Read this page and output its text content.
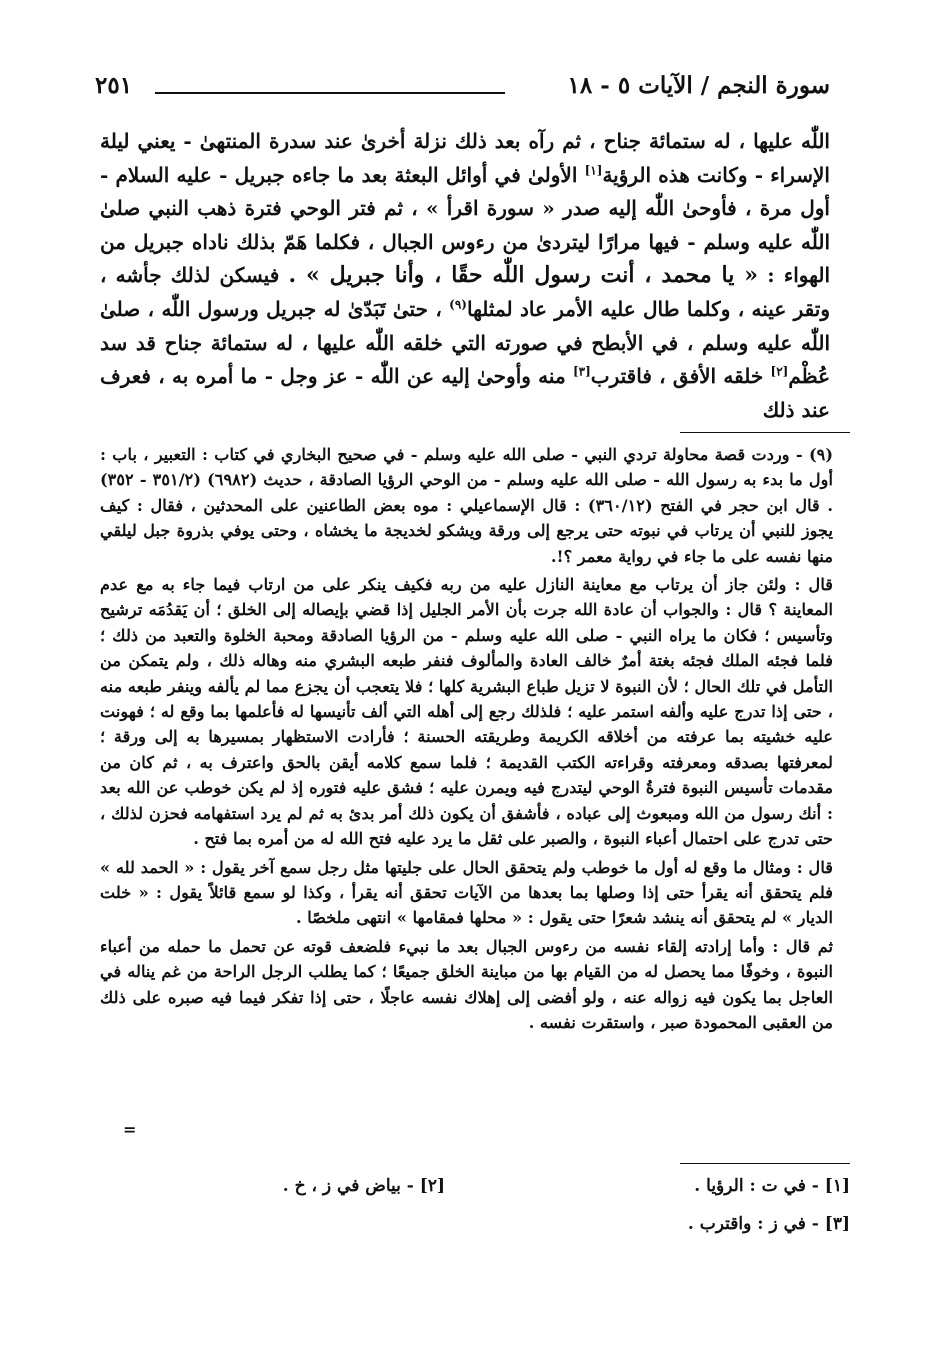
سورة النجم / الآيات ٥ - ١٨
٢٥١

اللّٰه عليها ، له ستمائة جناح ، ثم رآه بعد ذلك نزلة أخرىٰ عند سدرة المنتهىٰ - يعني ليلة الإسراء - وكانت هذه الرؤية[١] الأولىٰ في أوائل البعثة بعد ما جاءه جبريل - عليه السلام - أول مرة ، فأوحىٰ اللّٰه إليه صدر « سورة اقرأ » ، ثم فتر الوحي فترة ذهب النبي صلىٰ اللّٰه عليه وسلم - فيها مرارًا ليتردىٰ من رءوس الجبال ، فكلما هَمّ بذلك ناداه جبريل من الهواء : « يا محمد ، أنت رسول اللّٰه حقًا ، وأنا جبريل » . فيسكن لذلك جأشه ، وتقر عينه ، وكلما طال عليه الأمر عاد لمثلها$^{(٩)}$ ، حتىٰ تَبَدّىٰ له جبريل ورسول اللّٰه ، صلىٰ اللّٰه عليه وسلم ، في الأبطح في صورته التي خلقه اللّٰه عليها ، له ستمائة جناح قد سد عُظْم[٢] خلقه الأفق ، فاقترب[٣] منه وأوحىٰ إليه عن اللّٰه - عز وجل - ما أمره به ، فعرف عند ذلك

(٩) - وردت قصة محاولة تردي النبي - صلى الله عليه وسلم - في صحيح البخاري في كتاب : التعبير ، باب : أول ما بدء به رسول الله - صلى الله عليه وسلم - من الوحي الرؤيا الصادقة ، حديث (٦٩٨٢) (٣٥١/٢ - ٣٥٢) . قال ابن حجر في الفتح (٣٦٠/١٢) : قال الإسماعيلي : موه بعض الطاعنين على المحدثين ، فقال : كيف يجوز للنبي أن يرتاب في نبوته حتى يرجع إلى ورقة ويشكو لخديجة ما يخشاه ، وحتى يوفي بذروة جبل ليلقي منها نفسه على ما جاء في رواية معمر ؟!.

قال : ولئن جاز أن يرتاب مع معاينة النازل عليه من ربه فكيف ينكر على من ارتاب فيما جاء به مع عدم المعاينة ؟ قال : والجواب أن عادة الله جرت بأن الأمر الجليل إذا قضي بإيصاله إلى الخلق ؛ أن يَقدُمَه ترشيح وتأسيس ؛ فكان ما يراه النبي - صلى الله عليه وسلم - من الرؤيا الصادقة ومحبة الخلوة والتعبد من ذلك ؛ فلما فجئه الملك فجئه بغتة أمرٌ خالف العادة والمألوف فنفر طبعه البشري منه وهاله ذلك ، ولم يتمكن من التأمل في تلك الحال ؛ لأن النبوة لا تزيل طباع البشرية كلها ؛ فلا يتعجب أن يجزع مما لم يألفه وينفر طبعه منه ، حتى إذا تدرج عليه وألفه استمر عليه ؛ فلذلك رجع إلى أهله التي ألف تأنيسها له فأعلمها بما وقع له ؛ فهونت عليه خشيته بما عرفته من أخلاقه الكريمة وطريقته الحسنة ؛ فأرادت الاستظهار بمسيرها به إلى ورقة ؛ لمعرفتها بصدقه ومعرفته وقراءته الكتب القديمة ؛ فلما سمع كلامه أيقن بالحق واعترف به ، ثم كان من مقدمات تأسيس النبوة فترةُ الوحي ليتدرج فيه ويمرن عليه ؛ فشق عليه فتوره إذ لم يكن خوطب عن الله بعد : أنك رسول من الله ومبعوث إلى عباده ، فأشفق أن يكون ذلك أمر بدئ به ثم لم يرد استفهامه فحزن لذلك ، حتى تدرج على احتمال أعباء النبوة ، والصبر على ثقل ما يرد عليه فتح الله له من أمره بما فتح .

قال : ومثال ما وقع له أول ما خوطب ولم يتحقق الحال على جليتها مثل رجل سمع آخر يقول : « الحمد لله » فلم يتحقق أنه يقرأ حتى إذا وصلها بما بعدها من الآيات تحقق أنه يقرأ ، وكذا لو سمع قائلاً يقول : « خلت الديار » لم يتحقق أنه ينشد شعرًا حتى يقول : « محلها فمقامها » انتهى ملخصًا .

ثم قال : وأما إرادته إلقاء نفسه من رءوس الجبال بعد ما نبيء فلضعف قوته عن تحمل ما حمله من أعباء النبوة ، وخوفًا مما يحصل له من القيام بها من مباينة الخلق جميعًا ؛ كما يطلب الرجل الراحة من غم يناله في العاجل بما يكون فيه زواله عنه ، ولو أفضى إلى إهلاك نفسه عاجلًا ، حتى إذا تفكر فيما فيه صبره على ذلك من العقبى المحمودة صبر ، واستقرت نفسه .

=
[١] - في ت : الرؤيا .
[٢] - بياض في ز ، خ .
[٣] - في ز : واقترب .
